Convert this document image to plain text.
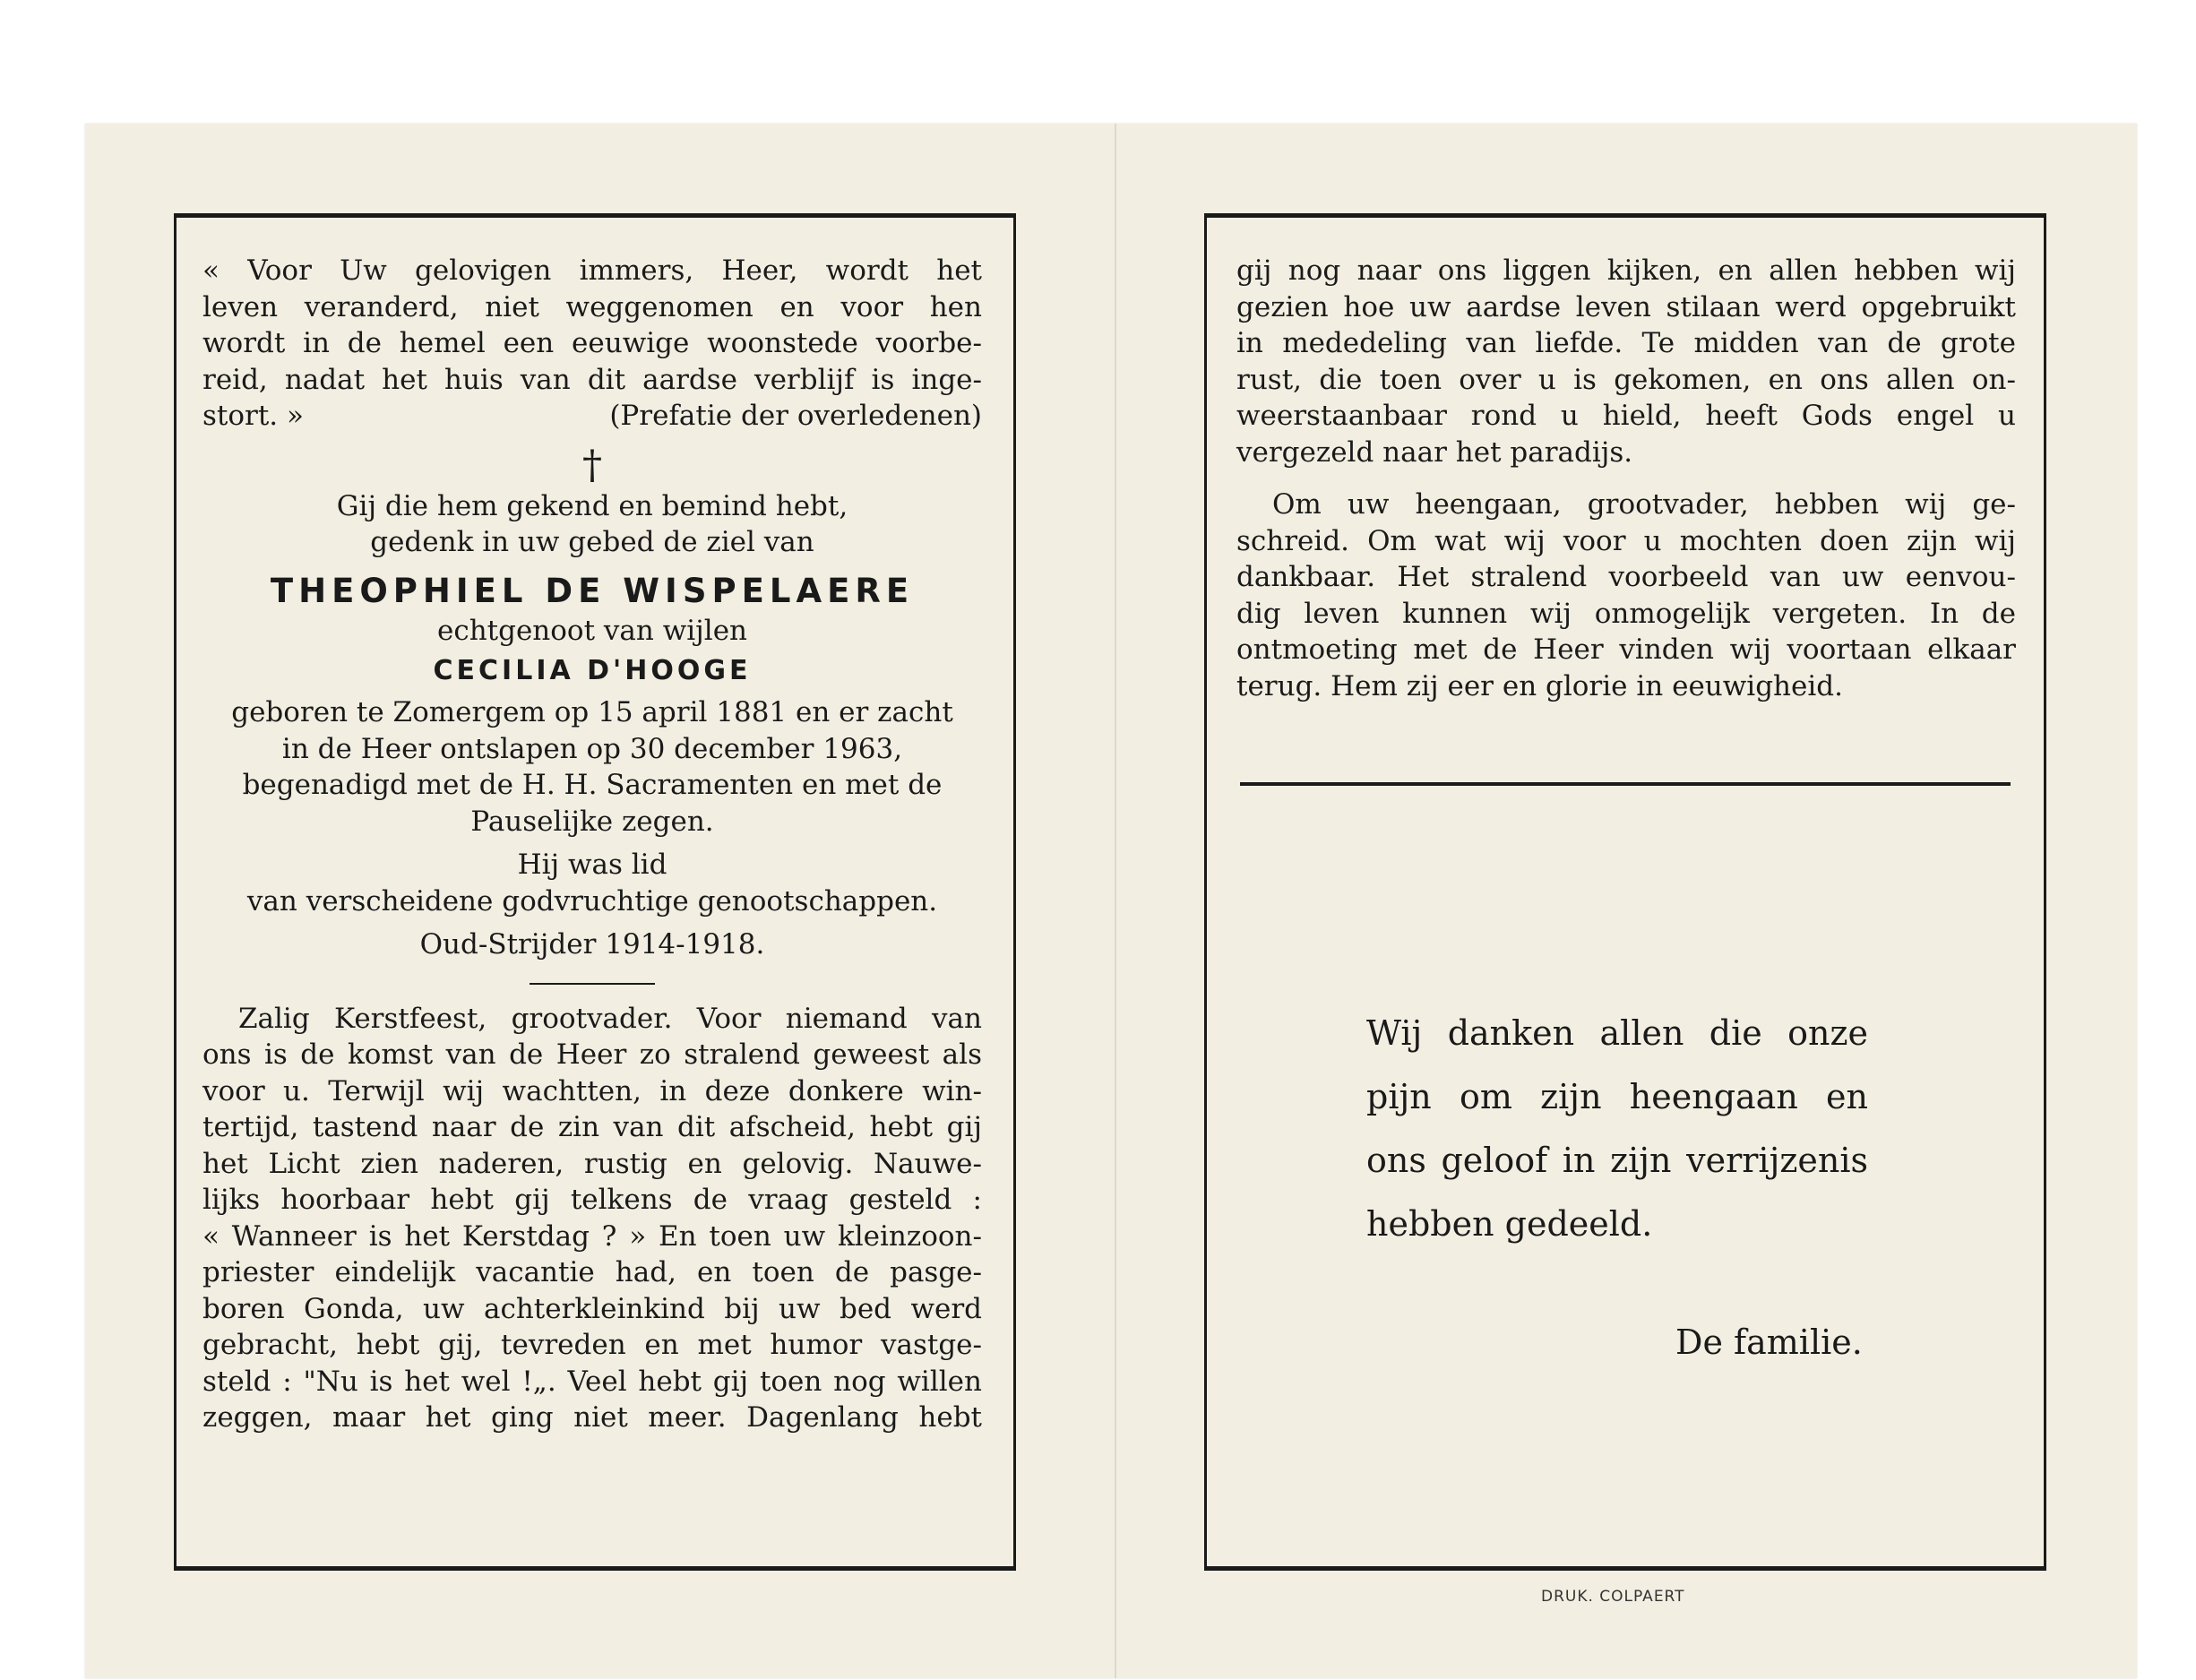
« Voor Uw gelovigen immers, Heer, wordt het
leven veranderd, niet weggenomen en voor hen
wordt in de hemel een eeuwige woonstede voorbe-
reid, nadat het huis van dit aardse verblijf is inge-
stort. »	(Prefatie der overledenen)
†
Gij die hem gekend en bemind hebt,
gedenk in uw gebed de ziel van
THEOPHIEL DE WISPELAERE
echtgenoot van wijlen
CECILIA D'HOOGE
geboren te Zomergem op 15 april 1881 en er zacht
in de Heer ontslapen op 30 december 1963,
begenadigd met de H. H. Sacramenten en met de
Pauselijke zegen.
Hij was lid
van verscheidene godvruchtige genootschappen.
Oud-Strijder 1914-1918.
Zalig Kerstfeest, grootvader. Voor niemand van
ons is de komst van de Heer zo stralend geweest als
voor u. Terwijl wij wachtten, in deze donkere win-
tertijd, tastend naar de zin van dit afscheid, hebt gij
het Licht zien naderen, rustig en gelovig. Nauwe-
lijks hoorbaar hebt gij telkens de vraag gesteld :
« Wanneer is het Kerstdag ? » En toen uw kleinzoon-
priester eindelijk vacantie had, en toen de pasge-
boren Gonda, uw achterkleinkind bij uw bed werd
gebracht, hebt gij, tevreden en met humor vastge-
steld : "Nu is het wel !„. Veel hebt gij toen nog willen
zeggen, maar het ging niet meer. Dagenlang hebt
gij nog naar ons liggen kijken, en allen hebben wij
gezien hoe uw aardse leven stilaan werd opgebruikt
in mededeling van liefde. Te midden van de grote
rust, die toen over u is gekomen, en ons allen on-
weerstaanbaar rond u hield, heeft Gods engel u
vergezeld naar het paradijs.
Om uw heengaan, grootvader, hebben wij ge-
schreid. Om wat wij voor u mochten doen zijn wij
dankbaar. Het stralend voorbeeld van uw eenvou-
dig leven kunnen wij onmogelijk vergeten. In de
ontmoeting met de Heer vinden wij voortaan elkaar
terug. Hem zij eer en glorie in eeuwigheid.
Wij danken allen die onze
pijn om zijn heengaan en
ons geloof in zijn verrijzenis
hebben gedeeld.
De familie.
DRUK. COLPAERT
